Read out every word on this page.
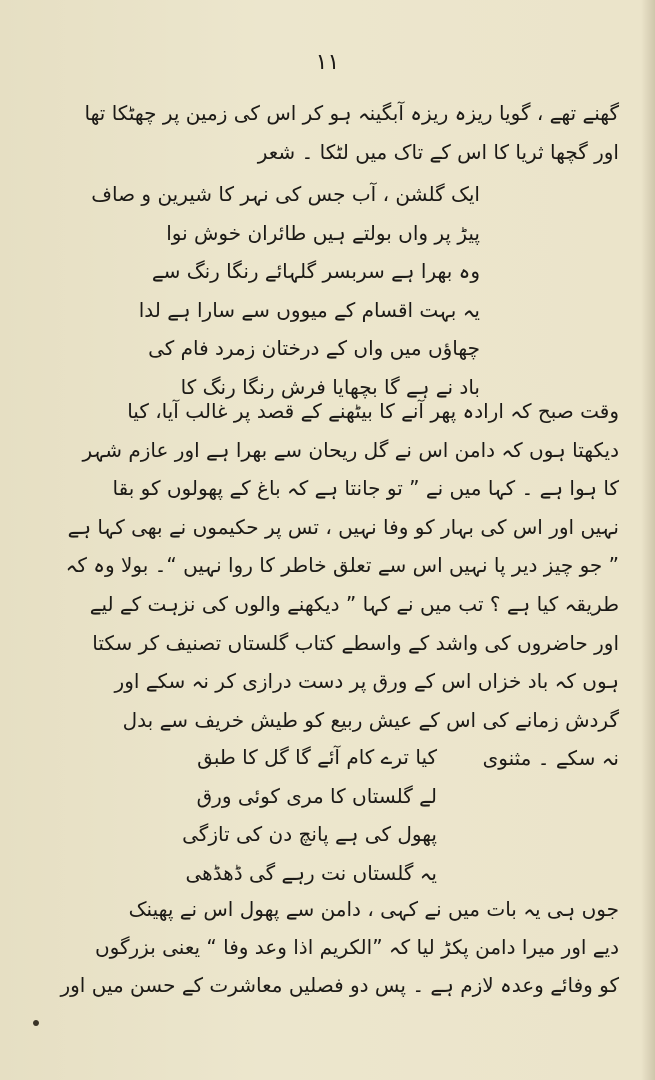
۱۱
گھنے تھے ، گویا ریزہ ریزہ آبگینہ ہو کر اس کی زمین پر چھٹکا تھا
اور گچھا ثریا کا اس کے تاک میں لٹکا ۔ شعر
ایک گلشن ، آب جس کی نہر کا شیرین و صاف
پیڑ پر واں بولتے ہیں طائران خوش نوا
وہ بھرا ہے سربسر گلہائے رنگا رنگ سے
یہ بہت اقسام کے میووں سے سارا ہے لدا
چھاؤں میں واں کے درختان زمرد فام کی
باد نے ہے گا بچھایا فرش رنگا رنگ کا
وقت صبح کہ ارادہ پھر آنے کا بیٹھنے کے قصد پر غالب آیا، کیا
دیکھتا ہوں کہ دامن اس نے گل ریحان سے بھرا ہے اور عازم شہر
کا ہوا ہے ۔ کہا میں نے ” تو جانتا ہے کہ باغ کے پھولوں کو بقا
نہیں اور اس کی بہار کو وفا نہیں ، تس پر حکیموں نے بھی کہا ہے
” جو چیز دیر پا نہیں اس سے تعلق خاطر کا روا نہیں “۔ بولا وہ کہ
طریقہ کیا ہے ؟ تب میں نے کہا ” دیکھنے والوں کی نزہت کے لیے
اور حاضروں کی واشد کے واسطے کتاب گلستاں تصنیف کر سکتا
ہوں کہ باد خزاں اس کے ورق پر دست درازی کر نہ سکے اور
گردش زمانے کی اس کے عیش ربیع کو طیش خریف سے بدل
نہ سکے ۔ مثنوی
کیا ترے کام آئے گا گل کا طبق
لے گلستاں کا مری کوئی ورق
پھول کی ہے پانچ دن کی تازگی
یہ گلستاں نت رہے گی ڈھڈھی
جوں ہی یہ بات میں نے کہی ، دامن سے پھول اس نے پھینک
دیے اور میرا دامن پکڑ لیا کہ ”الکریم اذا وعد وفا “ یعنی بزرگوں
کو وفائے وعدہ لازم ہے ۔ پس دو فصلیں معاشرت کے حسن میں اور
